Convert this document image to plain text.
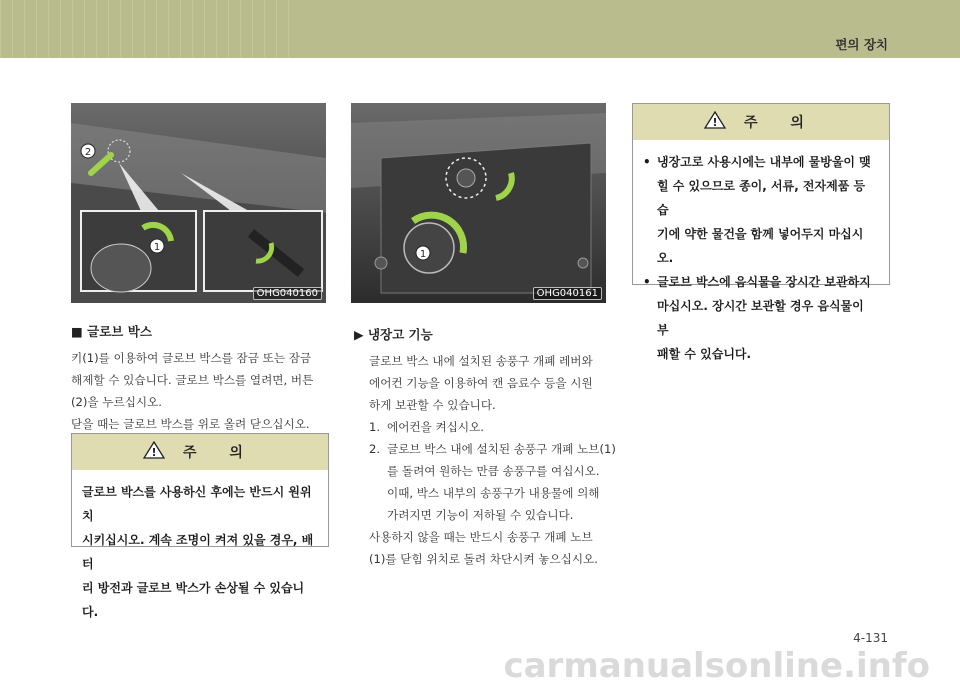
편의 장치
2
1
OHG040160
1
OHG040161
■ 글로브 박스

키(1)를 이용하여 글로브 박스를 잠금 또는 잠금

해제할 수 있습니다. 글로브 박스를 열려면, 버튼

(2)을 누르십시오.

닫을 때는 글로브 박스를 위로 올려 닫으십시오.

! 주 의
글로브 박스를 사용하신 후에는 반드시 원위치
시키십시오. 계속 조명이 켜져 있을 경우, 배터
리 방전과 글로브 박스가 손상될 수 있습니다.
▶ 냉장고 기능

글로브 박스 내에 설치된 송풍구 개폐 레버와

에어컨 기능을 이용하여 캔 음료수 등을 시원

하게 보관할 수 있습니다.

1. 에어컨을 켜십시오.
2. 글로브 박스 내에 설치된 송풍구 개폐 노브(1)
를 돌려여 원하는 만큼 송풍구를 여십시오.
이때, 박스 내부의 송풍구가 내용물에 의해
가려지면 기능이 저하될 수 있습니다.

사용하지 않을 때는 반드시 송풍구 개폐 노브

(1)를 닫힘 위치로 돌려 차단시켜 놓으십시오.

! 주 의
• 냉장고로 사용시에는 내부에 물방울이 맺
힐 수 있으므로 종이, 서류, 전자제품 등 습
기에 약한 물건을 함께 넣어두지 마십시오.
• 글로브 박스에 음식물을 장시간 보관하지
마십시오. 장시간 보관할 경우 음식물이 부
패할 수 있습니다.
4-131
carmanualsonline.info
